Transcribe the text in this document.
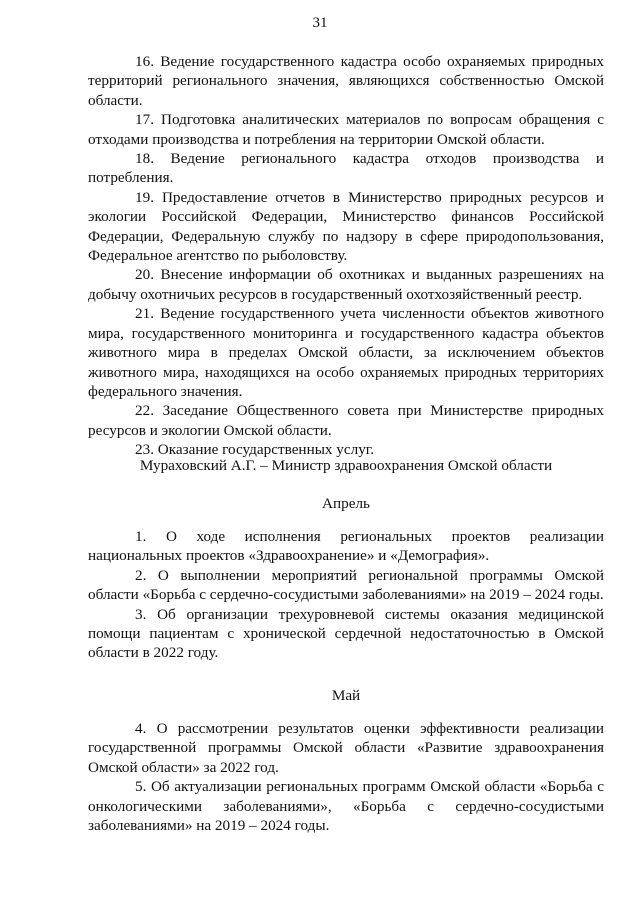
31

16. Ведение государственного кадастра особо охраняемых природных территорий регионального значения, являющихся собственностью Омской области.

17. Подготовка аналитических материалов по вопросам обращения с отходами производства и потребления на территории Омской области.

18. Ведение регионального кадастра отходов производства и потребления.

19. Предоставление отчетов в Министерство природных ресурсов и экологии Российской Федерации, Министерство финансов Российской Федерации, Федеральную службу по надзору в сфере природопользования, Федеральное агентство по рыболовству.

20. Внесение информации об охотниках и выданных разрешениях на добычу охотничьих ресурсов в государственный охотхозяйственный реестр.

21. Ведение государственного учета численности объектов животного мира, государственного мониторинга и государственного кадастра объектов животного мира в пределах Омской области, за исключением объектов животного мира, находящихся на особо охраняемых природных территориях федерального значения.

22. Заседание Общественного совета при Министерстве природных ресурсов и экологии Омской области.

23. Оказание государственных услуг.

Мураховский А.Г. – Министр здравоохранения Омской области

Апрель

1. О ходе исполнения региональных проектов реализации национальных проектов «Здравоохранение» и «Демография».

2. О выполнении мероприятий региональной программы Омской области «Борьба с сердечно-сосудистыми заболеваниями» на 2019 – 2024 годы.

3. Об организации трехуровневой системы оказания медицинской помощи пациентам с хронической сердечной недостаточностью в Омской области в 2022 году.

Май

4. О рассмотрении результатов оценки эффективности реализации государственной программы Омской области «Развитие здравоохранения Омской области» за 2022 год.

5. Об актуализации региональных программ Омской области «Борьба с онкологическими заболеваниями», «Борьба с сердечно-сосудистыми заболеваниями» на 2019 – 2024 годы.
